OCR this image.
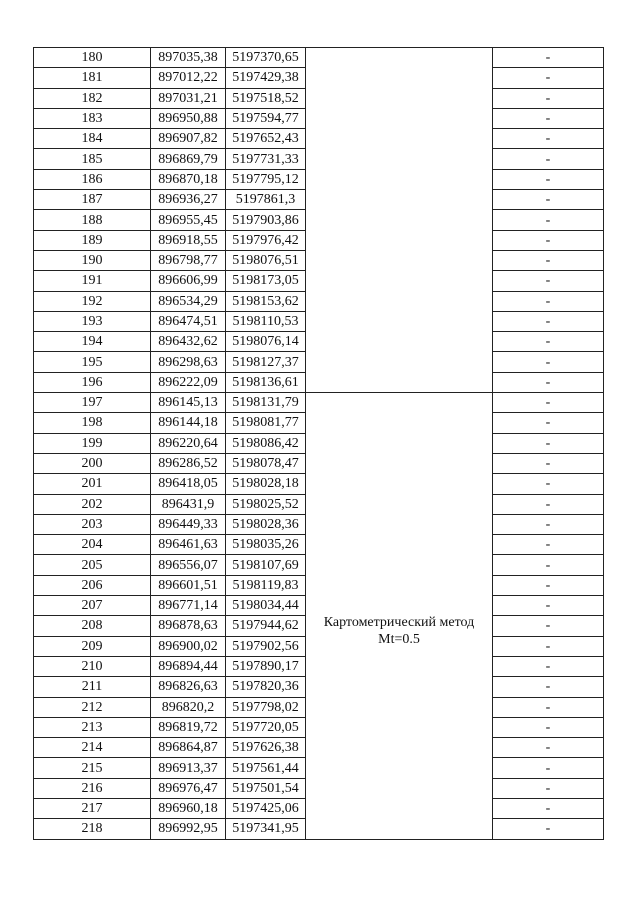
180	897035,38	5197370,65		-
181	897012,22	5197429,38		-
182	897031,21	5197518,52		-
183	896950,88	5197594,77		-
184	896907,82	5197652,43		-
185	896869,79	5197731,33		-
186	896870,18	5197795,12		-
187	896936,27	5197861,3		-
188	896955,45	5197903,86		-
189	896918,55	5197976,42		-
190	896798,77	5198076,51		-
191	896606,99	5198173,05		-
192	896534,29	5198153,62		-
193	896474,51	5198110,53		-
194	896432,62	5198076,14		-
195	896298,63	5198127,37		-
196	896222,09	5198136,61		-
197	896145,13	5198131,79	Картометрический метод
Mt=0.5	-
198	896144,18	5198081,77		-
199	896220,64	5198086,42		-
200	896286,52	5198078,47		-
201	896418,05	5198028,18		-
202	896431,9	5198025,52		-
203	896449,33	5198028,36		-
204	896461,63	5198035,26		-
205	896556,07	5198107,69		-
206	896601,51	5198119,83		-
207	896771,14	5198034,44		-
208	896878,63	5197944,62		-
209	896900,02	5197902,56		-
210	896894,44	5197890,17		-
211	896826,63	5197820,36		-
212	896820,2	5197798,02		-
213	896819,72	5197720,05		-
214	896864,87	5197626,38		-
215	896913,37	5197561,44		-
216	896976,47	5197501,54		-
217	896960,18	5197425,06		-
218	896992,95	5197341,95		-
